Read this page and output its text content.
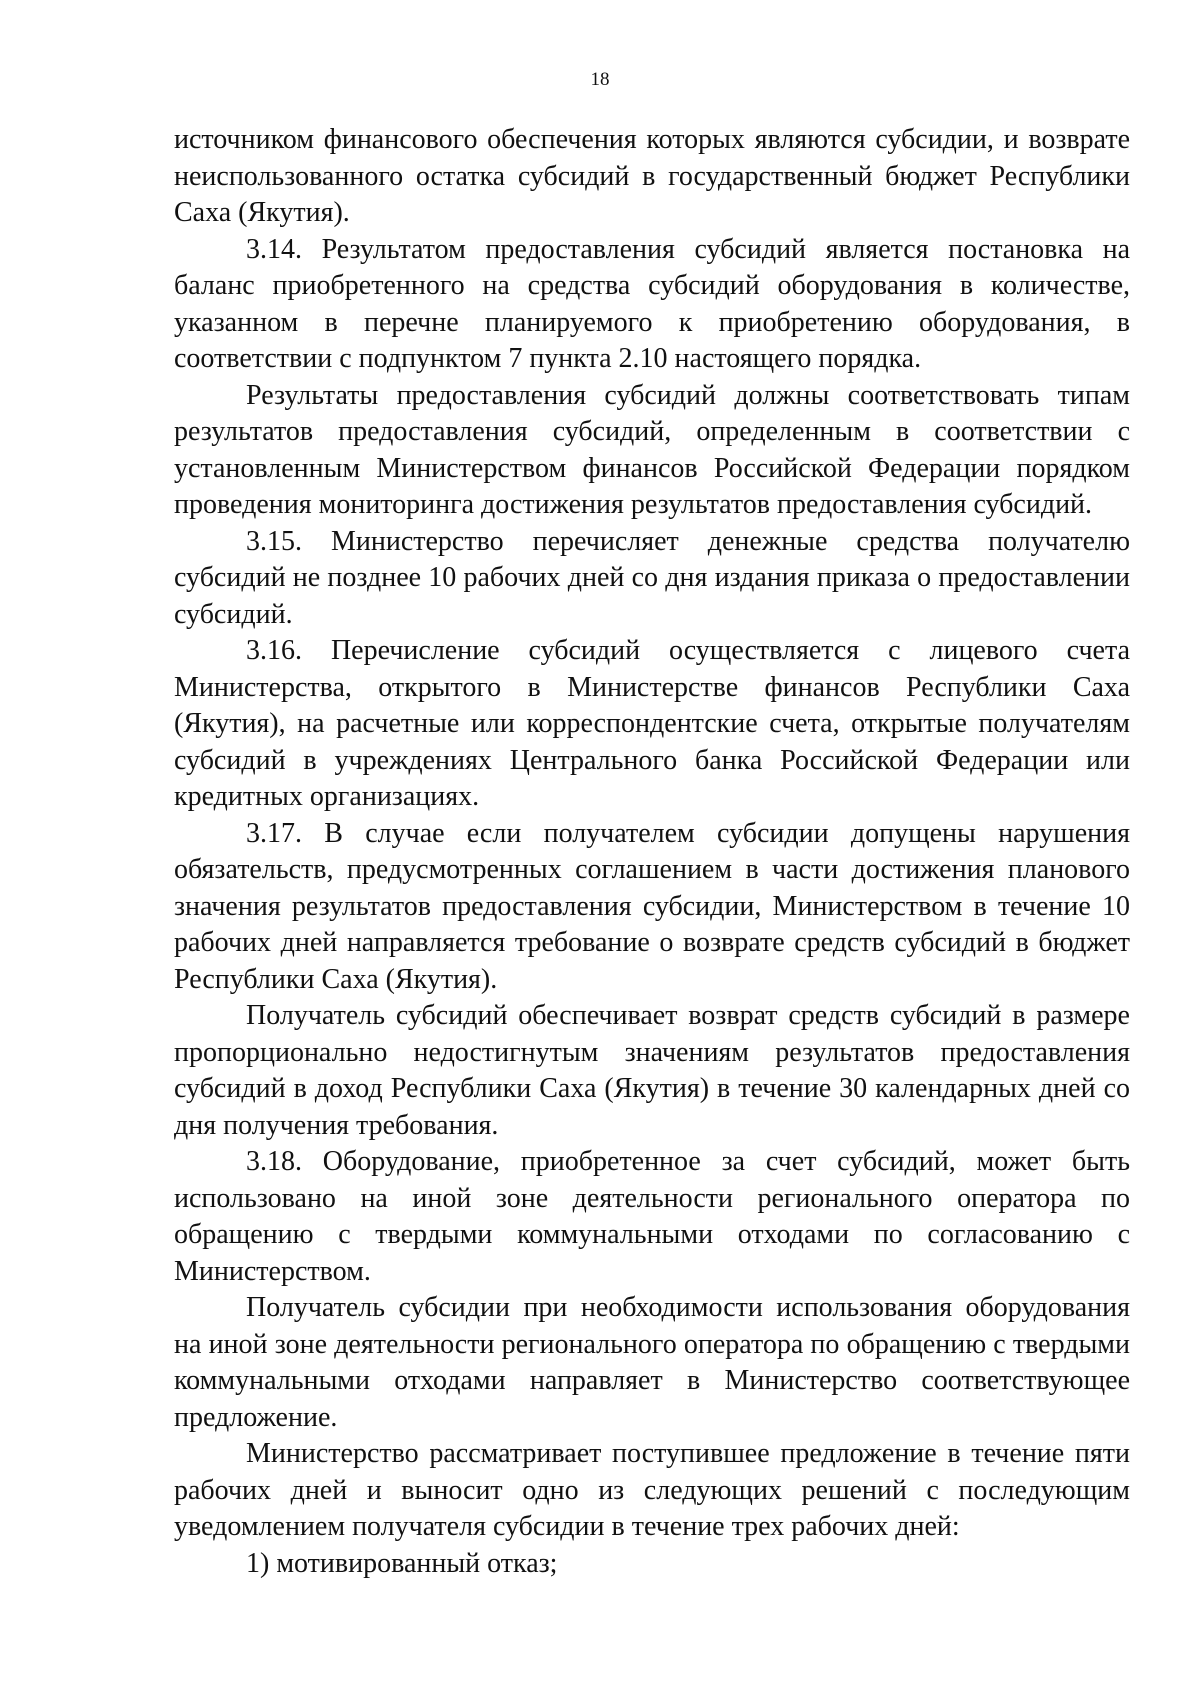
18

источником финансового обеспечения которых являются субсидии, и возврате неиспользованного остатка субсидий в государственный бюджет Республики Саха (Якутия).

3.14. Результатом предоставления субсидий является постановка на баланс приобретенного на средства субсидий оборудования в количестве, указанном в перечне планируемого к приобретению оборудования, в соответствии с подпунктом 7 пункта 2.10 настоящего порядка.

Результаты предоставления субсидий должны соответствовать типам результатов предоставления субсидий, определенным в соответствии с установленным Министерством финансов Российской Федерации порядком проведения мониторинга достижения результатов предоставления субсидий.

3.15. Министерство перечисляет денежные средства получателю субсидий не позднее 10 рабочих дней со дня издания приказа о предоставлении субсидий.

3.16. Перечисление субсидий осуществляется с лицевого счета Министерства, открытого в Министерстве финансов Республики Саха (Якутия), на расчетные или корреспондентские счета, открытые получателям субсидий в учреждениях Центрального банка Российской Федерации или кредитных организациях.

3.17. В случае если получателем субсидии допущены нарушения обязательств, предусмотренных соглашением в части достижения планового значения результатов предоставления субсидии, Министерством в течение 10 рабочих дней направляется требование о возврате средств субсидий в бюджет Республики Саха (Якутия).

Получатель субсидий обеспечивает возврат средств субсидий в размере пропорционально недостигнутым значениям результатов предоставления субсидий в доход Республики Саха (Якутия) в течение 30 календарных дней со дня получения требования.

3.18. Оборудование, приобретенное за счет субсидий, может быть использовано на иной зоне деятельности регионального оператора по обращению с твердыми коммунальными отходами по согласованию с Министерством.

Получатель субсидии при необходимости использования оборудования на иной зоне деятельности регионального оператора по обращению с твердыми коммунальными отходами направляет в Министерство соответствующее предложение.

Министерство рассматривает поступившее предложение в течение пяти рабочих дней и выносит одно из следующих решений с последующим уведомлением получателя субсидии в течение трех рабочих дней:

1) мотивированный отказ;
